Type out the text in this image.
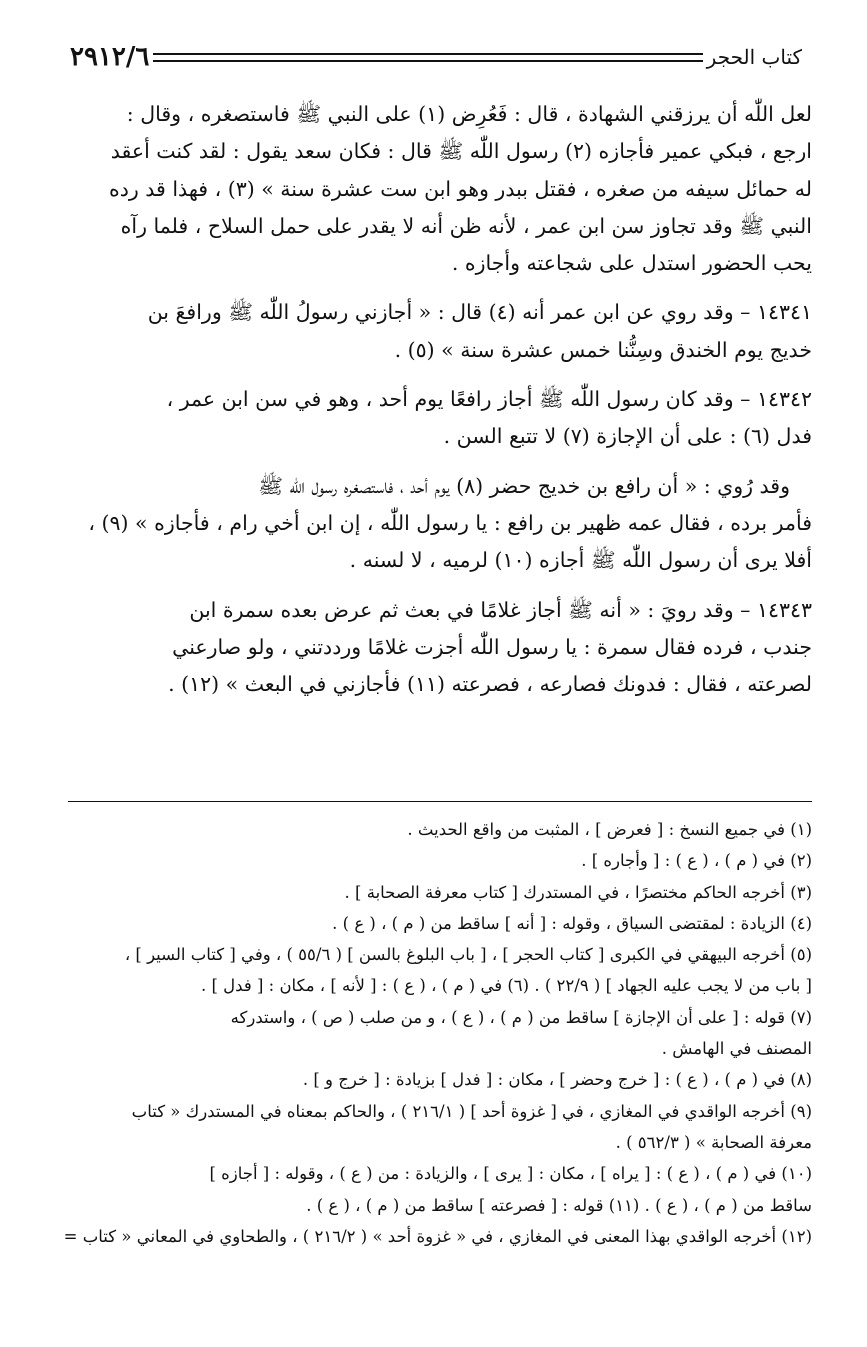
كتاب الحجر
٢٩١٢/٦

لعل اللّٰه أن يرزقني الشهادة ، قال : فَعُرِض (١) على النبي ﷺ فاستصغره ، وقال :

ارجع ، فبكي عمير فأجازه (٢) رسول اللّٰه ﷺ قال : فكان سعد يقول : لقد كنت أعقد

له حمائل سيفه من صغره ، فقتل ببدر وهو ابن ست عشرة سنة » (٣) ، فهذا قد رده

النبي ﷺ وقد تجاوز سن ابن عمر ، لأنه ظن أنه لا يقدر على حمل السلاح ، فلما رآه

يحب الحضور استدل على شجاعته وأجازه .

١٤٣٤١ – وقد روي عن ابن عمر أنه (٤) قال : « أجازني رسولُ اللّٰه ﷺ ورافعَ بن

خديج يوم الخندق وسِنُّنا خمس عشرة سنة » (٥) .

١٤٣٤٢ – وقد كان رسول اللّٰه ﷺ أجاز رافعًا يوم أحد ، وهو في سن ابن عمر ،

فدل (٦) : على أن الإجازة (٧) لا تتبع السن .

وقد رُوي : « أن رافع بن خديج حضر (٨) يوم أحد ، فاستصغره رسول اللّٰه ﷺ

فأمر برده ، فقال عمه ظهير بن رافع : يا رسول اللّٰه ، إن ابن أخي رام ، فأجازه » (٩) ،

أفلا يرى أن رسول اللّٰه ﷺ أجازه (١٠) لرميه ، لا لسنه .

١٤٣٤٣ – وقد رويَ : « أنه ﷺ أجاز غلامًا في بعث ثم عرض بعده سمرة ابن

جندب ، فرده فقال سمرة : يا رسول اللّٰه أجزت غلامًا ورددتني ، ولو صارعني

لصرعته ، فقال : فدونك فصارعه ، فصرعته (١١) فأجازني في البعث » (١٢) .

(١) في جميع النسخ : [ فعرض ] ، المثبت من واقع الحديث .

(٢) في ( م ) ، ( ع ) : [ وأجاره ] .

(٣) أخرجه الحاكم مختصرًا ، في المستدرك [ كتاب معرفة الصحابة ] .

(٤) الزيادة : لمقتضى السياق ، وقوله : [ أنه ] ساقط من ( م ) ، ( ع ) .

(٥) أخرجه البيهقي في الكبرى [ كتاب الحجر ] ، [ باب البلوغ بالسن ] ( ٥٥/٦ ) ، وفي [ كتاب السير ] ،

[ باب من لا يجب عليه الجهاد ] ( ٢٢/٩ ) . (٦) في ( م ) ، ( ع ) : [ لأنه ] ، مكان : [ فدل ] .

(٧) قوله : [ على أن الإجازة ] ساقط من ( م ) ، ( ع ) ، و من صلب ( ص ) ، واستدركه

المصنف في الهامش .

(٨) في ( م ) ، ( ع ) : [ خرج وحضر ] ، مكان : [ فدل ] بزيادة : [ خرج و ] .

(٩) أخرجه الواقدي في المغازي ، في [ غزوة أحد ] ( ٢١٦/١ ) ، والحاكم بمعناه في المستدرك « كتاب

معرفة الصحابة » ( ٥٦٢/٣ ) .

(١٠) في ( م ) ، ( ع ) : [ يراه ] ، مكان : [ يرى ] ، والزيادة : من ( ع ) ، وقوله : [ أجازه ]

ساقط من ( م ) ، ( ع ) . (١١) قوله : [ فصرعته ] ساقط من ( م ) ، ( ع ) .

(١٢) أخرجه الواقدي بهذا المعنى في المغازي ، في « غزوة أحد » ( ٢١٦/٢ ) ، والطحاوي في المعاني « كتاب =
